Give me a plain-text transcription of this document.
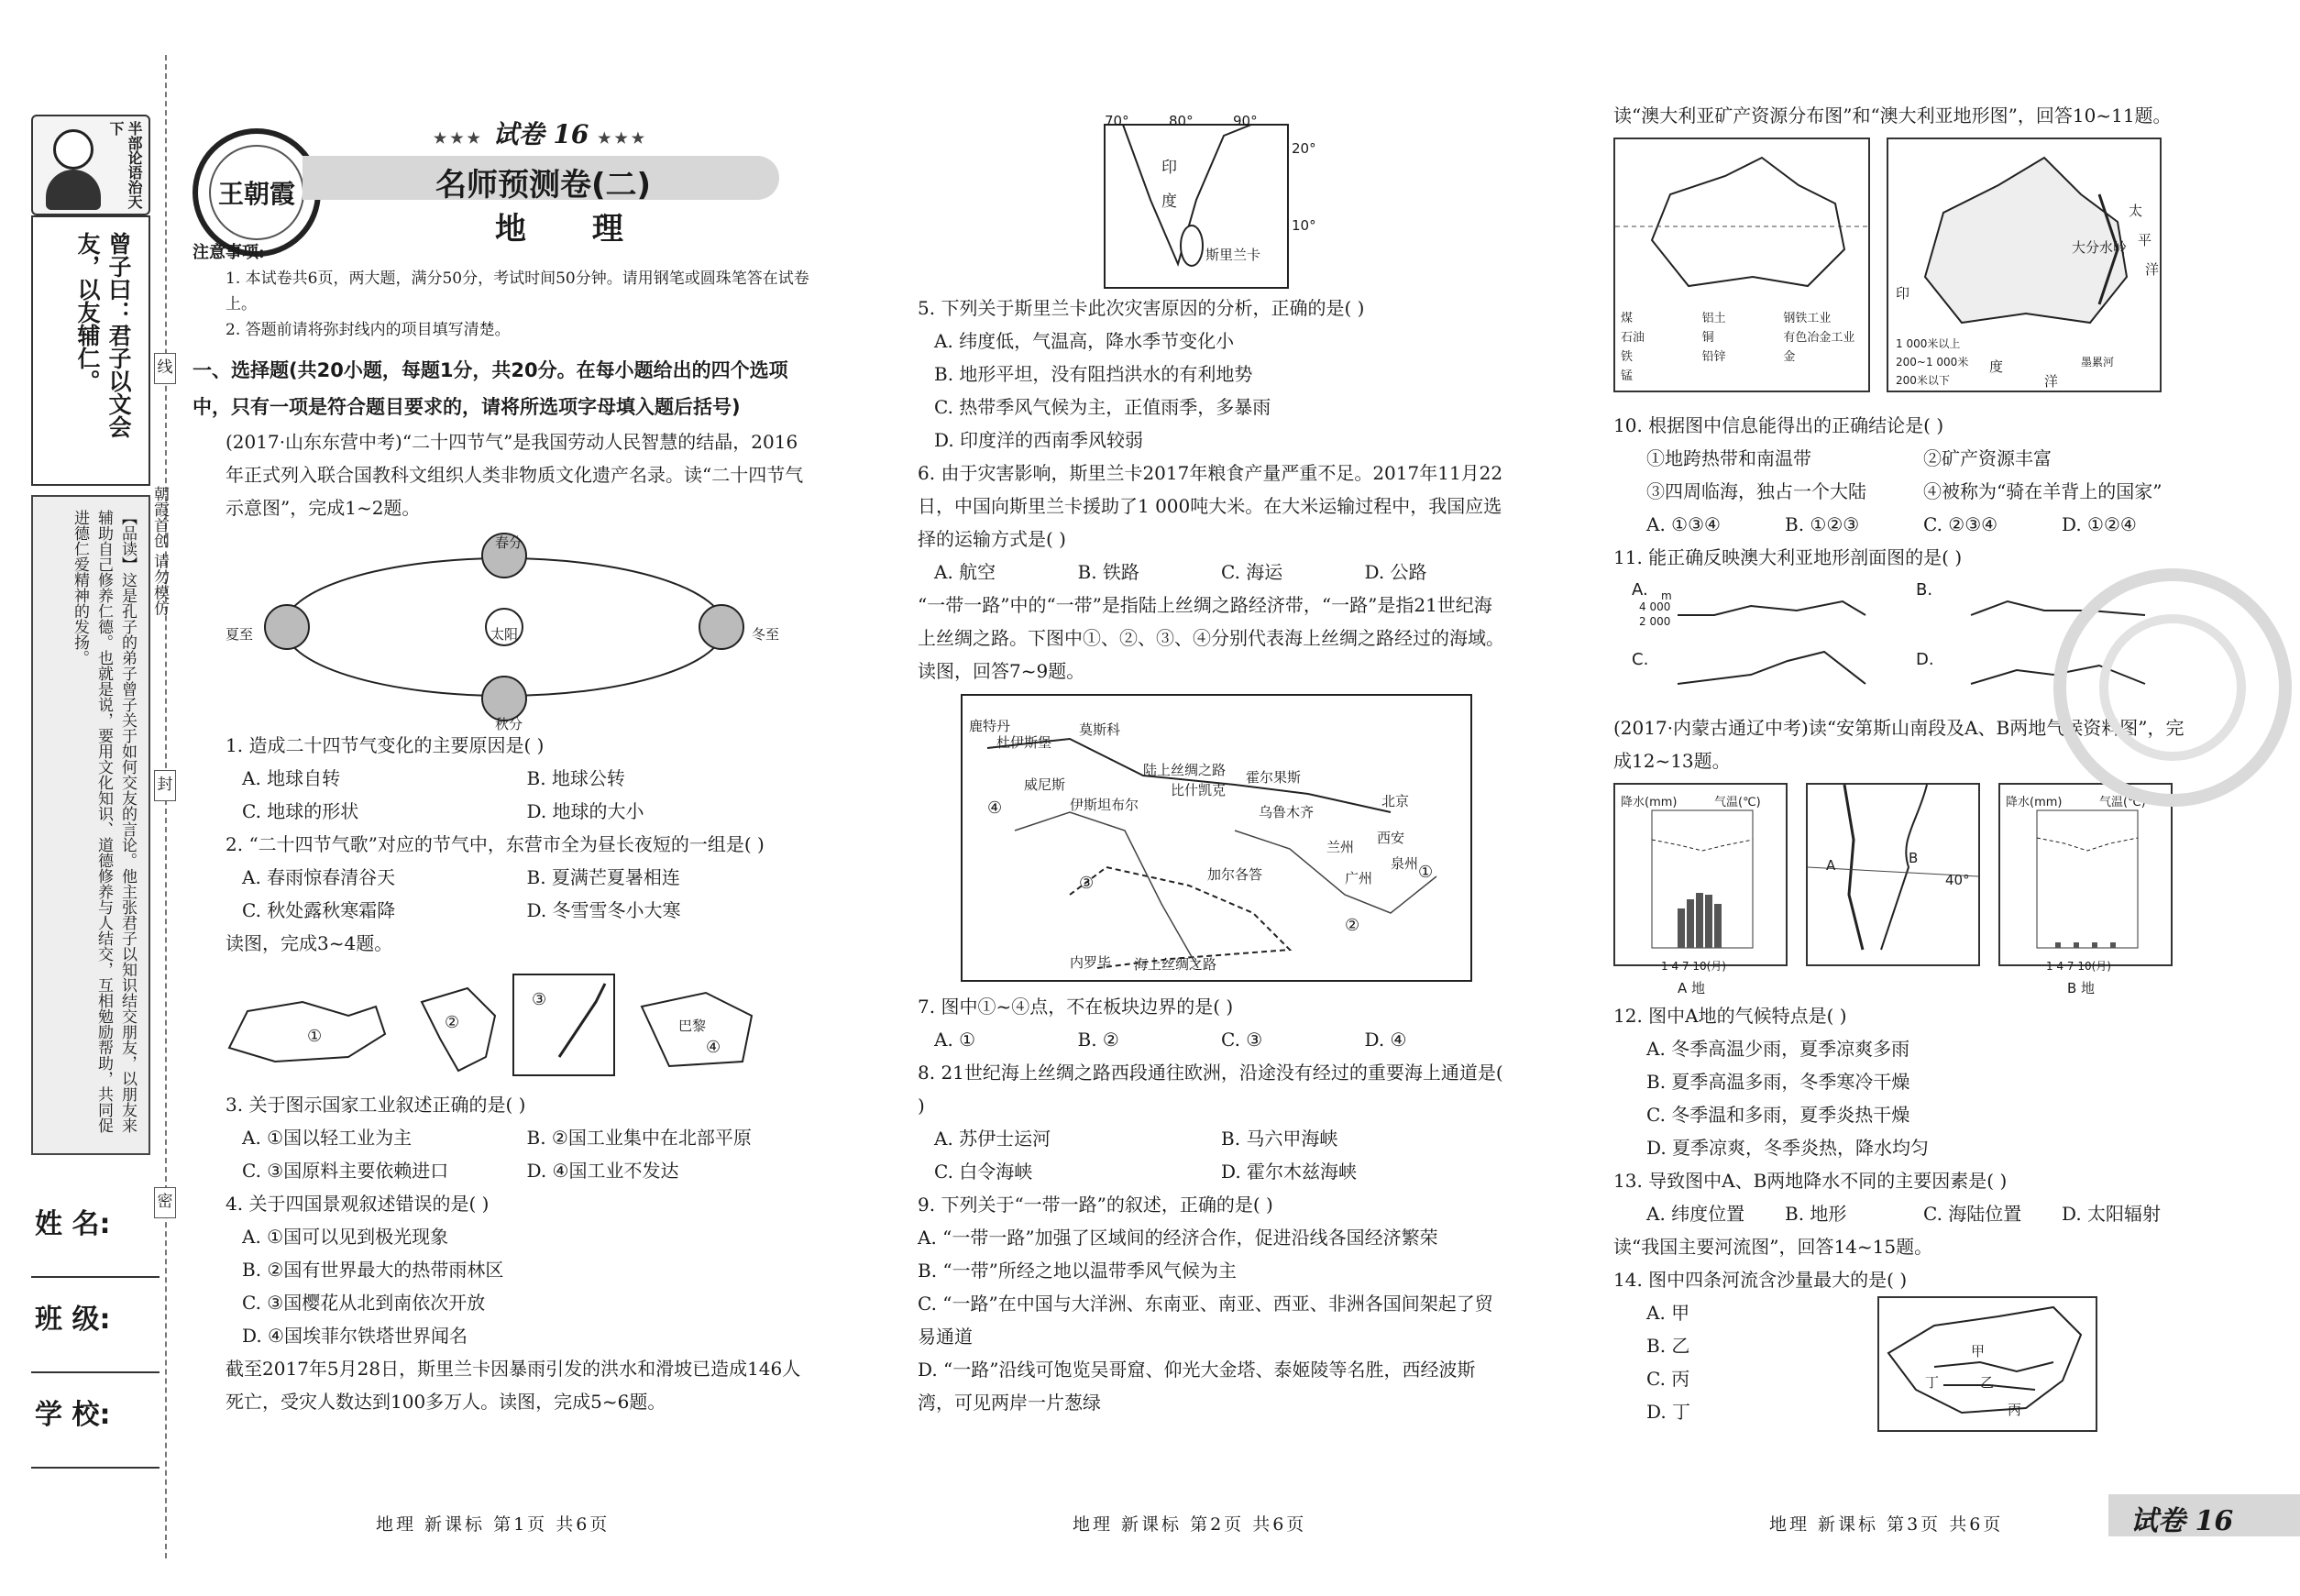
半部论语治天下
曾子曰：君子以文会友，以友辅仁。
【品读】这是孔子的弟子曾子关于如何交友的言论。他主张君子以知识结交朋友，以朋友来辅助自己修养仁德。也就是说，要用文化知识、道德修养与人结交，互相勉励帮助，共同促进德仁爱精神的发扬。
线
封
密
朝霞首创 请勿模仿
姓 名:
班 级:
学 校:
王朝霞
★★★ 试卷 16 ★★★
名师预测卷(二)
地 理

注意事项:

1. 本试卷共6页，两大题，满分50分，考试时间50分钟。请用钢笔或圆珠笔答在试卷上。

2. 答题前请将弥封线内的项目填写清楚。

一、选择题(共20小题，每题1分，共20分。在每小题给出的四个选项中，只有一项是符合题目要求的，请将所选项字母填入题后括号)

(2017·山东东营中考)“二十四节气”是我国劳动人民智慧的结晶，2016年正式列入联合国教科文组织人类非物质文化遗产名录。读“二十四节气示意图”，完成1~2题。

春分
秋分
夏至	冬至
太阳

1. 造成二十四节气变化的主要原因是( )

A. 地球自转	B. 地球公转
C. 地球的形状	D. 地球的大小

2. “二十四节气歌”对应的节气中，东营市全为昼长夜短的一组是( )

A. 春雨惊春清谷天	B. 夏满芒夏暑相连
C. 秋处露秋寒霜降	D. 冬雪雪冬小大寒

读图，完成3~4题。

①
②
③
④
巴黎

3. 关于图示国家工业叙述正确的是( )

A. ①国以轻工业为主	B. ②国工业集中在北部平原
C. ③国原料主要依赖进口	D. ④国工业不发达

4. 关于四国景观叙述错误的是( )

A. ①国可以见到极光现象

B. ②国有世界最大的热带雨林区

C. ③国樱花从北到南依次开放

D. ④国埃菲尔铁塔世界闻名

截至2017年5月28日，斯里兰卡因暴雨引发的洪水和滑坡已造成146人死亡，受灾人数达到100多万人。读图，完成5~6题。

70°	80°	90°
20°
10°
印度
斯里兰卡

5. 下列关于斯里兰卡此次灾害原因的分析，正确的是( )

A. 纬度低，气温高，降水季节变化小

B. 地形平坦，没有阻挡洪水的有利地势

C. 热带季风气候为主，正值雨季，多暴雨

D. 印度洋的西南季风较弱

6. 由于灾害影响，斯里兰卡2017年粮食产量严重不足。2017年11月22日，中国向斯里兰卡援助了1 000吨大米。在大米运输过程中，我国应选择的运输方式是( )

A. 航空	B. 铁路	C. 海运	D. 公路

“一带一路”中的“一带”是指陆上丝绸之路经济带，“一路”是指21世纪海上丝绸之路。下图中①、②、③、④分别代表海上丝绸之路经过的海域。读图，回答7~9题。

鹿特丹
杜伊斯堡
莫斯科
威尼斯
陆上丝绸之路
伊斯坦布尔
比什凯克
霍尔果斯
乌鲁木齐
北京
兰州
西安
泉州
广州
加尔各答
内罗毕 海上丝绸之路
①
②
③
④

7. 图中①~④点，不在板块边界的是( )

A. ①	B. ②	C. ③	D. ④

8. 21世纪海上丝绸之路西段通往欧洲，沿途没有经过的重要海上通道是( )

A. 苏伊士运河	B. 马六甲海峡
C. 白令海峡	D. 霍尔木兹海峡

9. 下列关于“一带一路”的叙述，正确的是( )

A. “一带一路”加强了区域间的经济合作，促进沿线各国经济繁荣

B. “一带”所经之地以温带季风气候为主

C. “一路”在中国与大洋洲、东南亚、南亚、西亚、非洲各国间架起了贸易通道

D. “一路”沿线可饱览吴哥窟、仰光大金塔、泰姬陵等名胜，西经波斯湾，可见两岸一片葱绿

读“澳大利亚矿产资源分布图”和“澳大利亚地形图”，回答10~11题。

煤	铝土	钢铁工业
石油	铜	有色冶金工业
铁	铅锌	金
锰
太
平
洋
印
度
洋
大分水岭
1 000米以上
200~1 000米
200米以下
墨累河

10. 根据图中信息能得出的正确结论是( )

①地跨热带和南温带	②矿产资源丰富
③四周临海，独占一个大陆	④被称为“骑在羊背上的国家”
A. ①③④	B. ①②③	C. ②③④	D. ①②④

11. 能正确反映澳大利亚地形剖面图的是( )

A.	B.
C.	D.
4 000
2 000
m

(2017·内蒙古通辽中考)读“安第斯山南段及A、B两地气候资料图”，完成12~13题。

降水(mm)	气温(℃)
1 4 7 10(月)
A 地
A	B
40°
降水(mm)	气温(℃)
1 4 7 10(月)
B 地

12. 图中A地的气候特点是( )

A. 冬季高温少雨，夏季凉爽多雨

B. 夏季高温多雨，冬季寒冷干燥

C. 冬季温和多雨，夏季炎热干燥

D. 夏季凉爽，冬季炎热，降水均匀

13. 导致图中A、B两地降水不同的主要因素是( )

A. 纬度位置	B. 地形	C. 海陆位置	D. 太阳辐射

读“我国主要河流图”，回答14~15题。

14. 图中四条河流含沙量最大的是( )

A. 甲

B. 乙

C. 丙

D. 丁

甲
乙
丙
丁
地理 新课标 第1页 共6页	地理 新课标 第2页 共6页	地理 新课标 第3页 共6页	试卷 16
